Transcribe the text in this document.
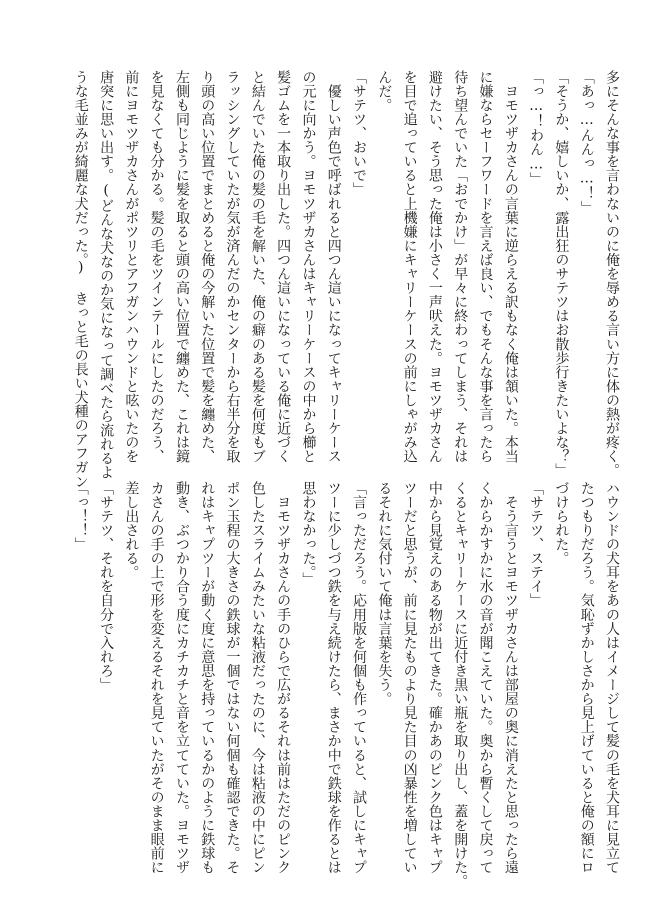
多にそんな事を言わないのに俺を辱める言い方に体の熱が疼く。

「あっ…んんっ…！」

「そうか、嬉しいか、露出狂のサテツはお散歩行きたいよな？」

「っ…！わん…」

　ヨモツザカさんの言葉に逆らえる訳もなく俺は頷いた。本当

に嫌ならセーフワードを言えば良い、でもそんな事を言ったら

待ち望んでいた「おでかけ」が早々に終わってしまう、それは

避けたい、そう思った俺は小さく一声吠えた。ヨモツザカさん

を目で追っていると上機嫌にキャリーケースの前にしゃがみ込

んだ。

「サテツ、おいで」

　優しい声色で呼ばれると四つん這いになってキャリーケース

の元に向かう。ヨモツザカさんはキャリーケースの中から櫛と

髪ゴムを一本取り出した。四つん這いになっている俺に近づく

と結んでいた俺の髪の毛を解いた、俺の癖のある髪を何度もブ

ラッシングしていたが気が済んだのかセンターから右半分を取

り頭の高い位置でまとめると俺の今解いた位置で髪を纏めた、

左側も同じように髪を取ると頭の高い位置で纏めた、これは鏡

を見なくても分かる。髪の毛をツインテールにしたのだろう、

前にヨモツザカさんがポツリとアフガンハウンドと呟いたのを

唐突に思い出す。(どんな犬なのか気になって調べたら流れるよ

うな毛並みが綺麗な犬だった。) きっと毛の長い犬種のアフガン

ハウンドの犬耳をあの人はイメージして髪の毛を犬耳に見立て

たつもりだろう。気恥ずかしさから見上げていると俺の額にロ

づけられた。

「サテツ、ステイ」

　そう言うとヨモツザカさんは部屋の奥に消えたと思ったら遠

くからかすかに水の音が聞こえていた。奥から暫くして戻って

くるとキャリーケースに近付き黒い瓶を取り出し、蓋を開けた。

中から見覚えのある物が出てきた。確かあのピンク色はキャプ

ツーだと思うが、前に見たものより見た目の凶暴性を増してい

るそれに気付いて俺は言葉を失う。

「言っただろう。応用版を何個も作っていると、試しにキャプ

ツーに少しづつ鉄を与え続けたら、まさか中で鉄球を作るとは

思わなかった。」

　ヨモツザカさんの手のひらで広がるそれは前はただのピンク

色したスライムみたいな粘液だったのに、今は粘液の中にピン

ポン玉程の大きさの鉄球が一個ではない何個も確認できた。そ

れはキャプツーが動く度に意思を持っているかのように鉄球も

動き、ぶつかり合う度にカチカチと音を立てていた。ヨモツザ

カさんの手の上で形を変えるそれを見ていたがそのまま眼前に

差し出される。

「サテツ、それを自分で入れろ」

「っ！！」
